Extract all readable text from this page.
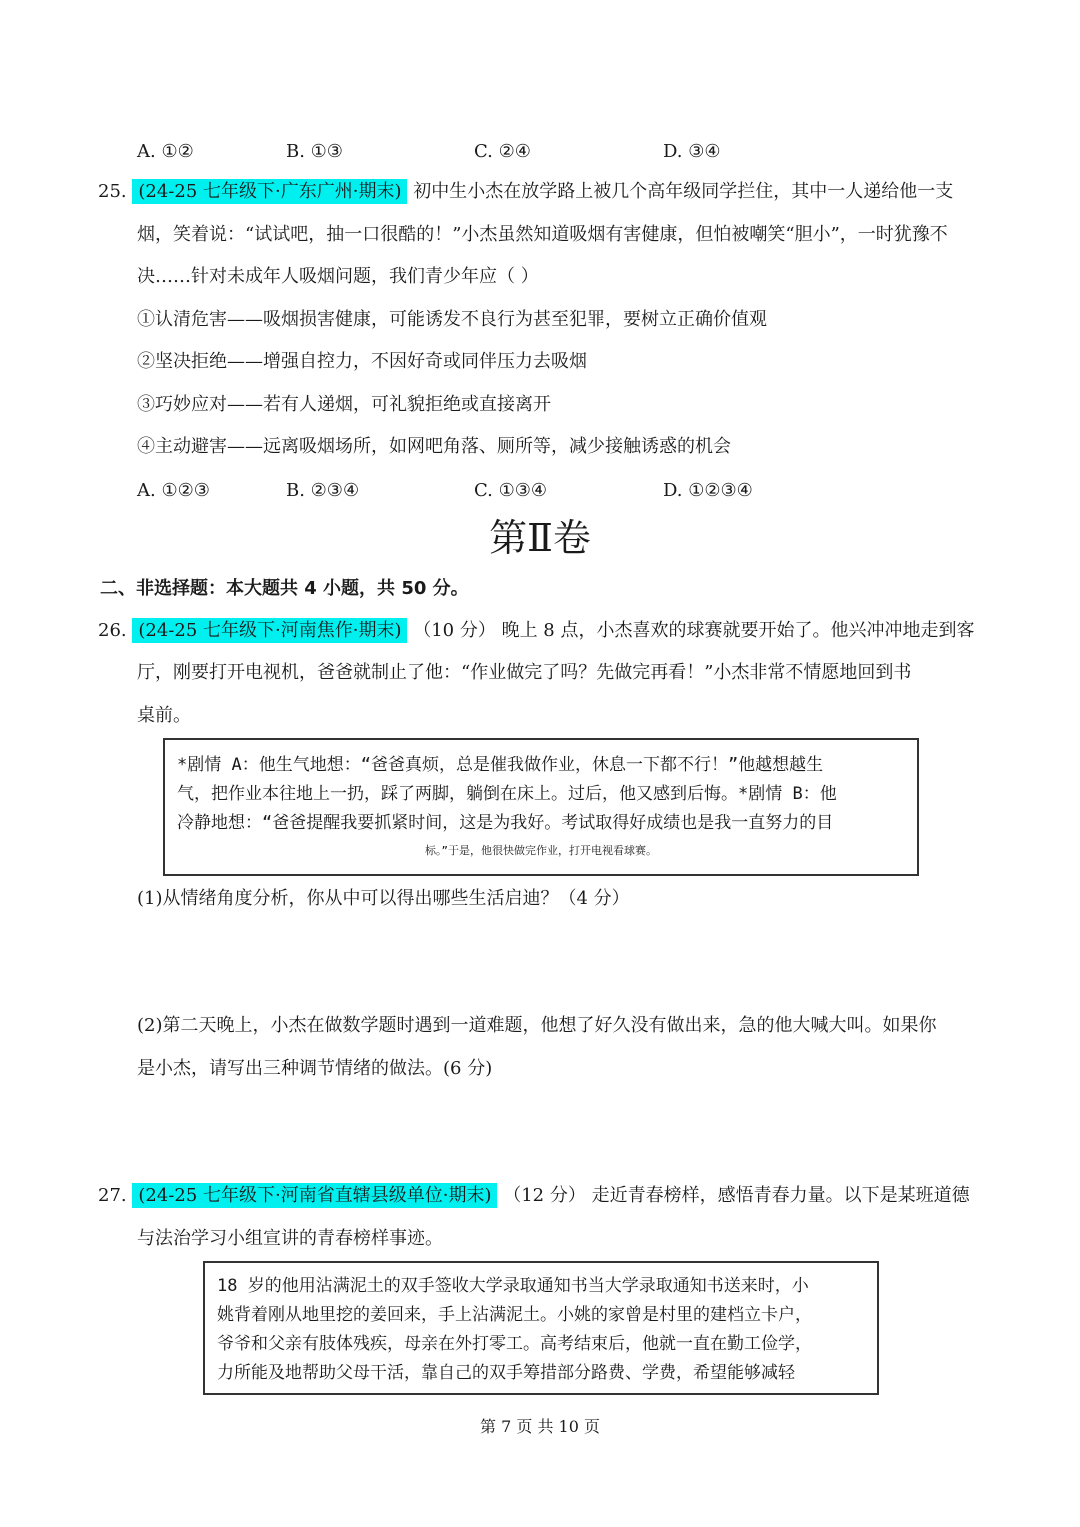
A. ①②	B. ①③	C. ②④	D. ③④
25. (24-25 七年级下·广东广州·期末) 初中生小杰在放学路上被几个高年级同学拦住，其中一人递给他一支
烟，笑着说：“试试吧，抽一口很酷的！”小杰虽然知道吸烟有害健康，但怕被嘲笑“胆小”，一时犹豫不
决……针对未成年人吸烟问题，我们青少年应（ ）
①认清危害——吸烟损害健康，可能诱发不良行为甚至犯罪，要树立正确价值观
②坚决拒绝——增强自控力，不因好奇或同伴压力去吸烟
③巧妙应对——若有人递烟，可礼貌拒绝或直接离开
④主动避害——远离吸烟场所，如网吧角落、厕所等，减少接触诱惑的机会
A. ①②③	B. ②③④	C. ①③④	D. ①②③④
第Ⅱ卷
二、非选择题：本大题共 4 小题，共 50 分。
26. (24-25 七年级下·河南焦作·期末) （10 分） 晚上 8 点，小杰喜欢的球赛就要开始了。他兴冲冲地走到客
厅，刚要打开电视机，爸爸就制止了他：“作业做完了吗？先做完再看！”小杰非常不情愿地回到书
桌前。
*剧情 A：他生气地想：“爸爸真烦，总是催我做作业，休息一下都不行！”他越想越生
气，把作业本往地上一扔，踩了两脚，躺倒在床上。过后，他又感到后悔。*剧情 B：他
冷静地想：“爸爸提醒我要抓紧时间，这是为我好。考试取得好成绩也是我一直努力的目
标。”于是，他很快做完作业，打开电视看球赛。
(1)从情绪角度分析，你从中可以得出哪些生活启迪？（4 分）
(2)第二天晚上，小杰在做数学题时遇到一道难题，他想了好久没有做出来，急的他大喊大叫。如果你
是小杰，请写出三种调节情绪的做法。(6 分)
27. (24-25 七年级下·河南省直辖县级单位·期末) （12 分） 走近青春榜样，感悟青春力量。以下是某班道德
与法治学习小组宣讲的青春榜样事迹。
18 岁的他用沾满泥土的双手签收大学录取通知书当大学录取通知书送来时，小
姚背着刚从地里挖的姜回来，手上沾满泥土。小姚的家曾是村里的建档立卡户，
爷爷和父亲有肢体残疾，母亲在外打零工。高考结束后，他就一直在勤工俭学，
力所能及地帮助父母干活，靠自己的双手筹措部分路费、学费，希望能够减轻
第 7 页 共 10 页
